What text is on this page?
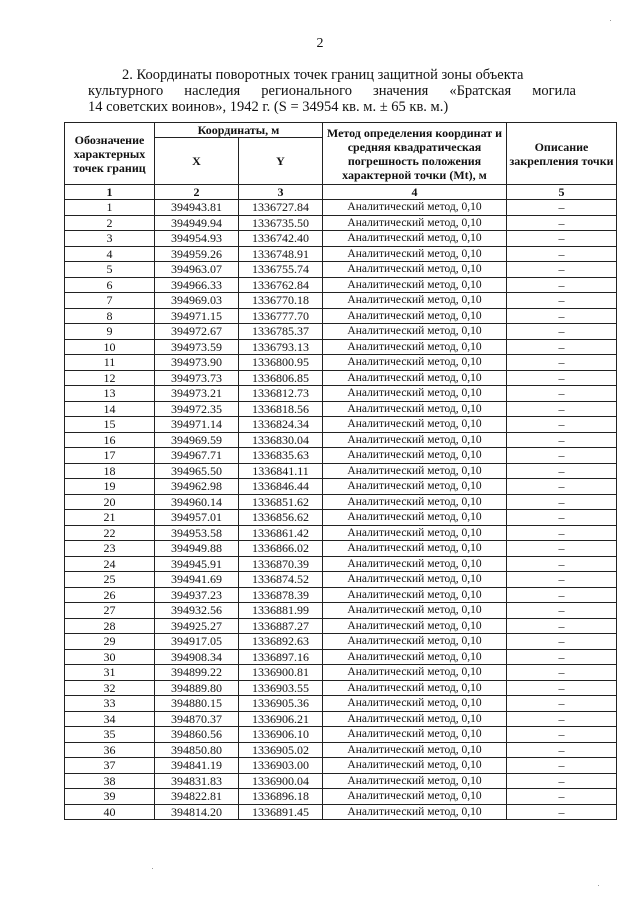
2
2. Координаты поворотных точек границ защитной зоны объекта
культурного наследия регионального значения «Братская могила
14 советских воинов», 1942 г. (S = 34954 кв. м. ± 65 кв. м.)
Обозначение характерных точек границ	Координаты, м		Метод определения координат и средняя квадратическая погрешность положения характерной точки (Mt), м	Описание закрепления точки
	X	Y		
1	2	3	4	5
1	394943.81	1336727.84	Аналитический метод, 0,10	–
2	394949.94	1336735.50	Аналитический метод, 0,10	–
3	394954.93	1336742.40	Аналитический метод, 0,10	–
4	394959.26	1336748.91	Аналитический метод, 0,10	–
5	394963.07	1336755.74	Аналитический метод, 0,10	–
6	394966.33	1336762.84	Аналитический метод, 0,10	–
7	394969.03	1336770.18	Аналитический метод, 0,10	–
8	394971.15	1336777.70	Аналитический метод, 0,10	–
9	394972.67	1336785.37	Аналитический метод, 0,10	–
10	394973.59	1336793.13	Аналитический метод, 0,10	–
11	394973.90	1336800.95	Аналитический метод, 0,10	–
12	394973.73	1336806.85	Аналитический метод, 0,10	–
13	394973.21	1336812.73	Аналитический метод, 0,10	–
14	394972.35	1336818.56	Аналитический метод, 0,10	–
15	394971.14	1336824.34	Аналитический метод, 0,10	–
16	394969.59	1336830.04	Аналитический метод, 0,10	–
17	394967.71	1336835.63	Аналитический метод, 0,10	–
18	394965.50	1336841.11	Аналитический метод, 0,10	–
19	394962.98	1336846.44	Аналитический метод, 0,10	–
20	394960.14	1336851.62	Аналитический метод, 0,10	–
21	394957.01	1336856.62	Аналитический метод, 0,10	–
22	394953.58	1336861.42	Аналитический метод, 0,10	–
23	394949.88	1336866.02	Аналитический метод, 0,10	–
24	394945.91	1336870.39	Аналитический метод, 0,10	–
25	394941.69	1336874.52	Аналитический метод, 0,10	–
26	394937.23	1336878.39	Аналитический метод, 0,10	–
27	394932.56	1336881.99	Аналитический метод, 0,10	–
28	394925.27	1336887.27	Аналитический метод, 0,10	–
29	394917.05	1336892.63	Аналитический метод, 0,10	–
30	394908.34	1336897.16	Аналитический метод, 0,10	–
31	394899.22	1336900.81	Аналитический метод, 0,10	–
32	394889.80	1336903.55	Аналитический метод, 0,10	–
33	394880.15	1336905.36	Аналитический метод, 0,10	–
34	394870.37	1336906.21	Аналитический метод, 0,10	–
35	394860.56	1336906.10	Аналитический метод, 0,10	–
36	394850.80	1336905.02	Аналитический метод, 0,10	–
37	394841.19	1336903.00	Аналитический метод, 0,10	–
38	394831.83	1336900.04	Аналитический метод, 0,10	–
39	394822.81	1336896.18	Аналитический метод, 0,10	–
40	394814.20	1336891.45	Аналитический метод, 0,10	–
